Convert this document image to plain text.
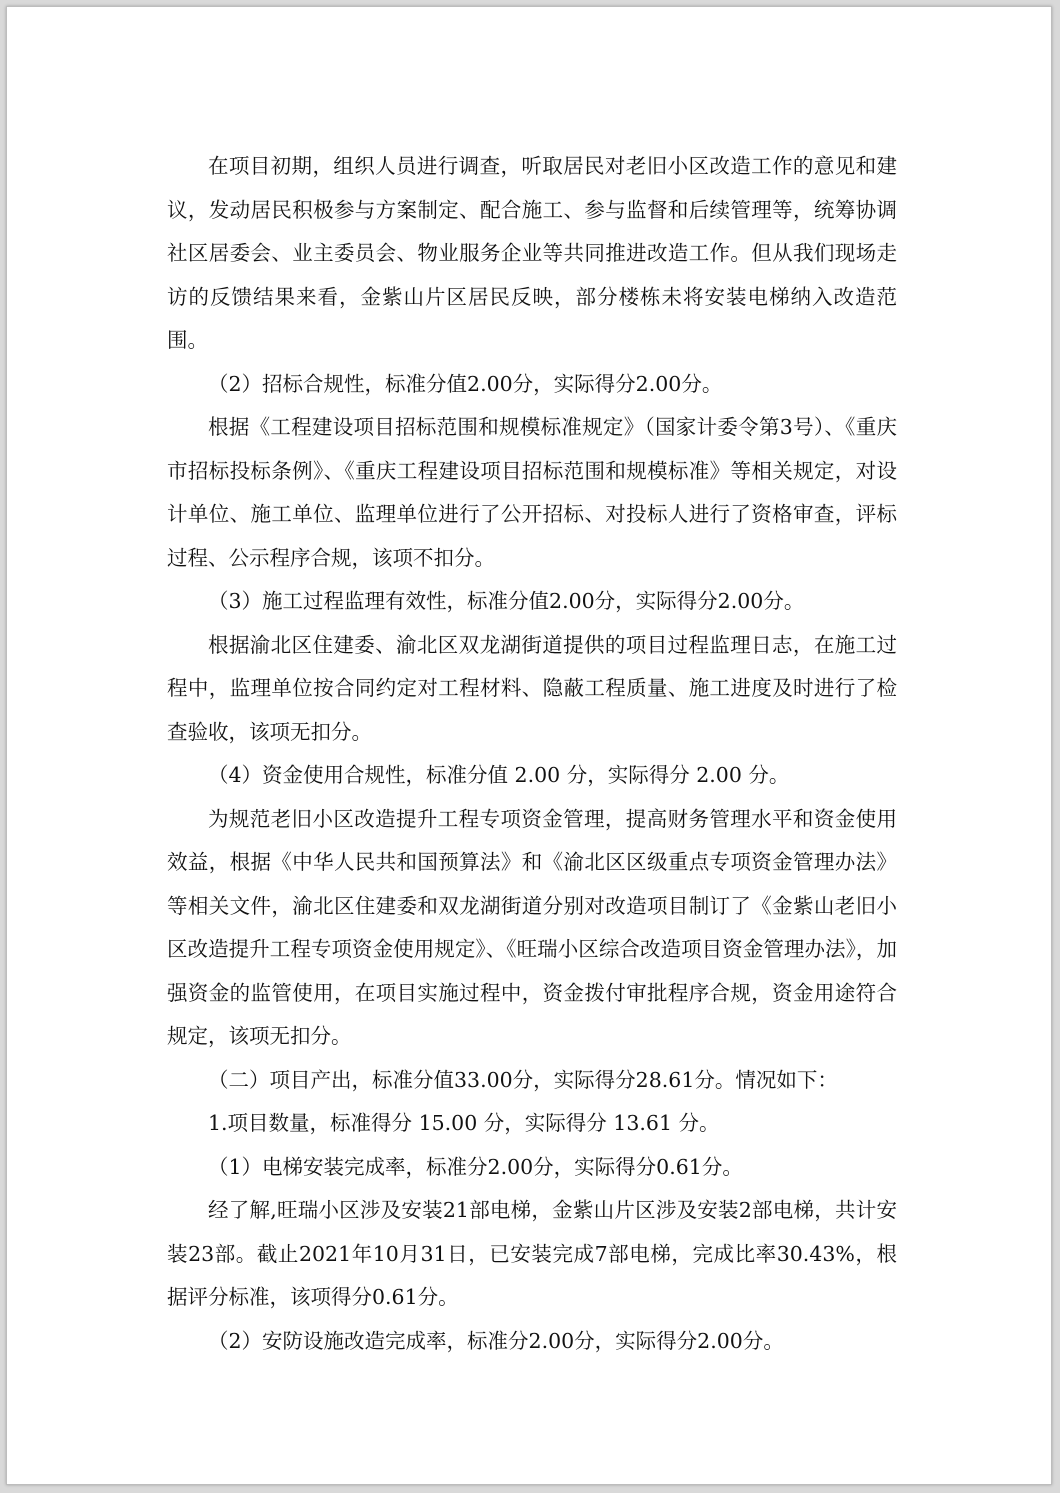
在项目初期，组织人员进行调查，听取居民对老旧小区改造工作的意见和建议，发动居民积极参与方案制定、配合施工、参与监督和后续管理等，统筹协调社区居委会、业主委员会、物业服务企业等共同推进改造工作。但从我们现场走访的反馈结果来看，金紫山片区居民反映，部分楼栋未将安装电梯纳入改造范围。

（2）招标合规性，标准分值2.00分，实际得分2.00分。

根据《工程建设项目招标范围和规模标准规定》（国家计委令第3号）、《重庆市招标投标条例》、《重庆工程建设项目招标范围和规模标准》等相关规定，对设计单位、施工单位、监理单位进行了公开招标、对投标人进行了资格审查，评标过程、公示程序合规，该项不扣分。

（3）施工过程监理有效性，标准分值2.00分，实际得分2.00分。

根据渝北区住建委、渝北区双龙湖街道提供的项目过程监理日志，在施工过程中，监理单位按合同约定对工程材料、隐蔽工程质量、施工进度及时进行了检查验收，该项无扣分。

（4）资金使用合规性，标准分值 2.00 分，实际得分 2.00 分。

为规范老旧小区改造提升工程专项资金管理，提高财务管理水平和资金使用效益，根据《中华人民共和国预算法》和《渝北区区级重点专项资金管理办法》等相关文件，渝北区住建委和双龙湖街道分别对改造项目制订了《金紫山老旧小区改造提升工程专项资金使用规定》、《旺瑞小区综合改造项目资金管理办法》，加强资金的监管使用，在项目实施过程中，资金拨付审批程序合规，资金用途符合规定，该项无扣分。

（二）项目产出，标准分值33.00分，实际得分28.61分。情况如下：

1.项目数量，标准得分 15.00 分，实际得分 13.61 分。

（1）电梯安装完成率，标准分2.00分，实际得分0.61分。

经了解,旺瑞小区涉及安装21部电梯，金紫山片区涉及安装2部电梯，共计安装23部。截止2021年10月31日，已安装完成7部电梯，完成比率30.43%，根据评分标准，该项得分0.61分。

（2）安防设施改造完成率，标准分2.00分，实际得分2.00分。
